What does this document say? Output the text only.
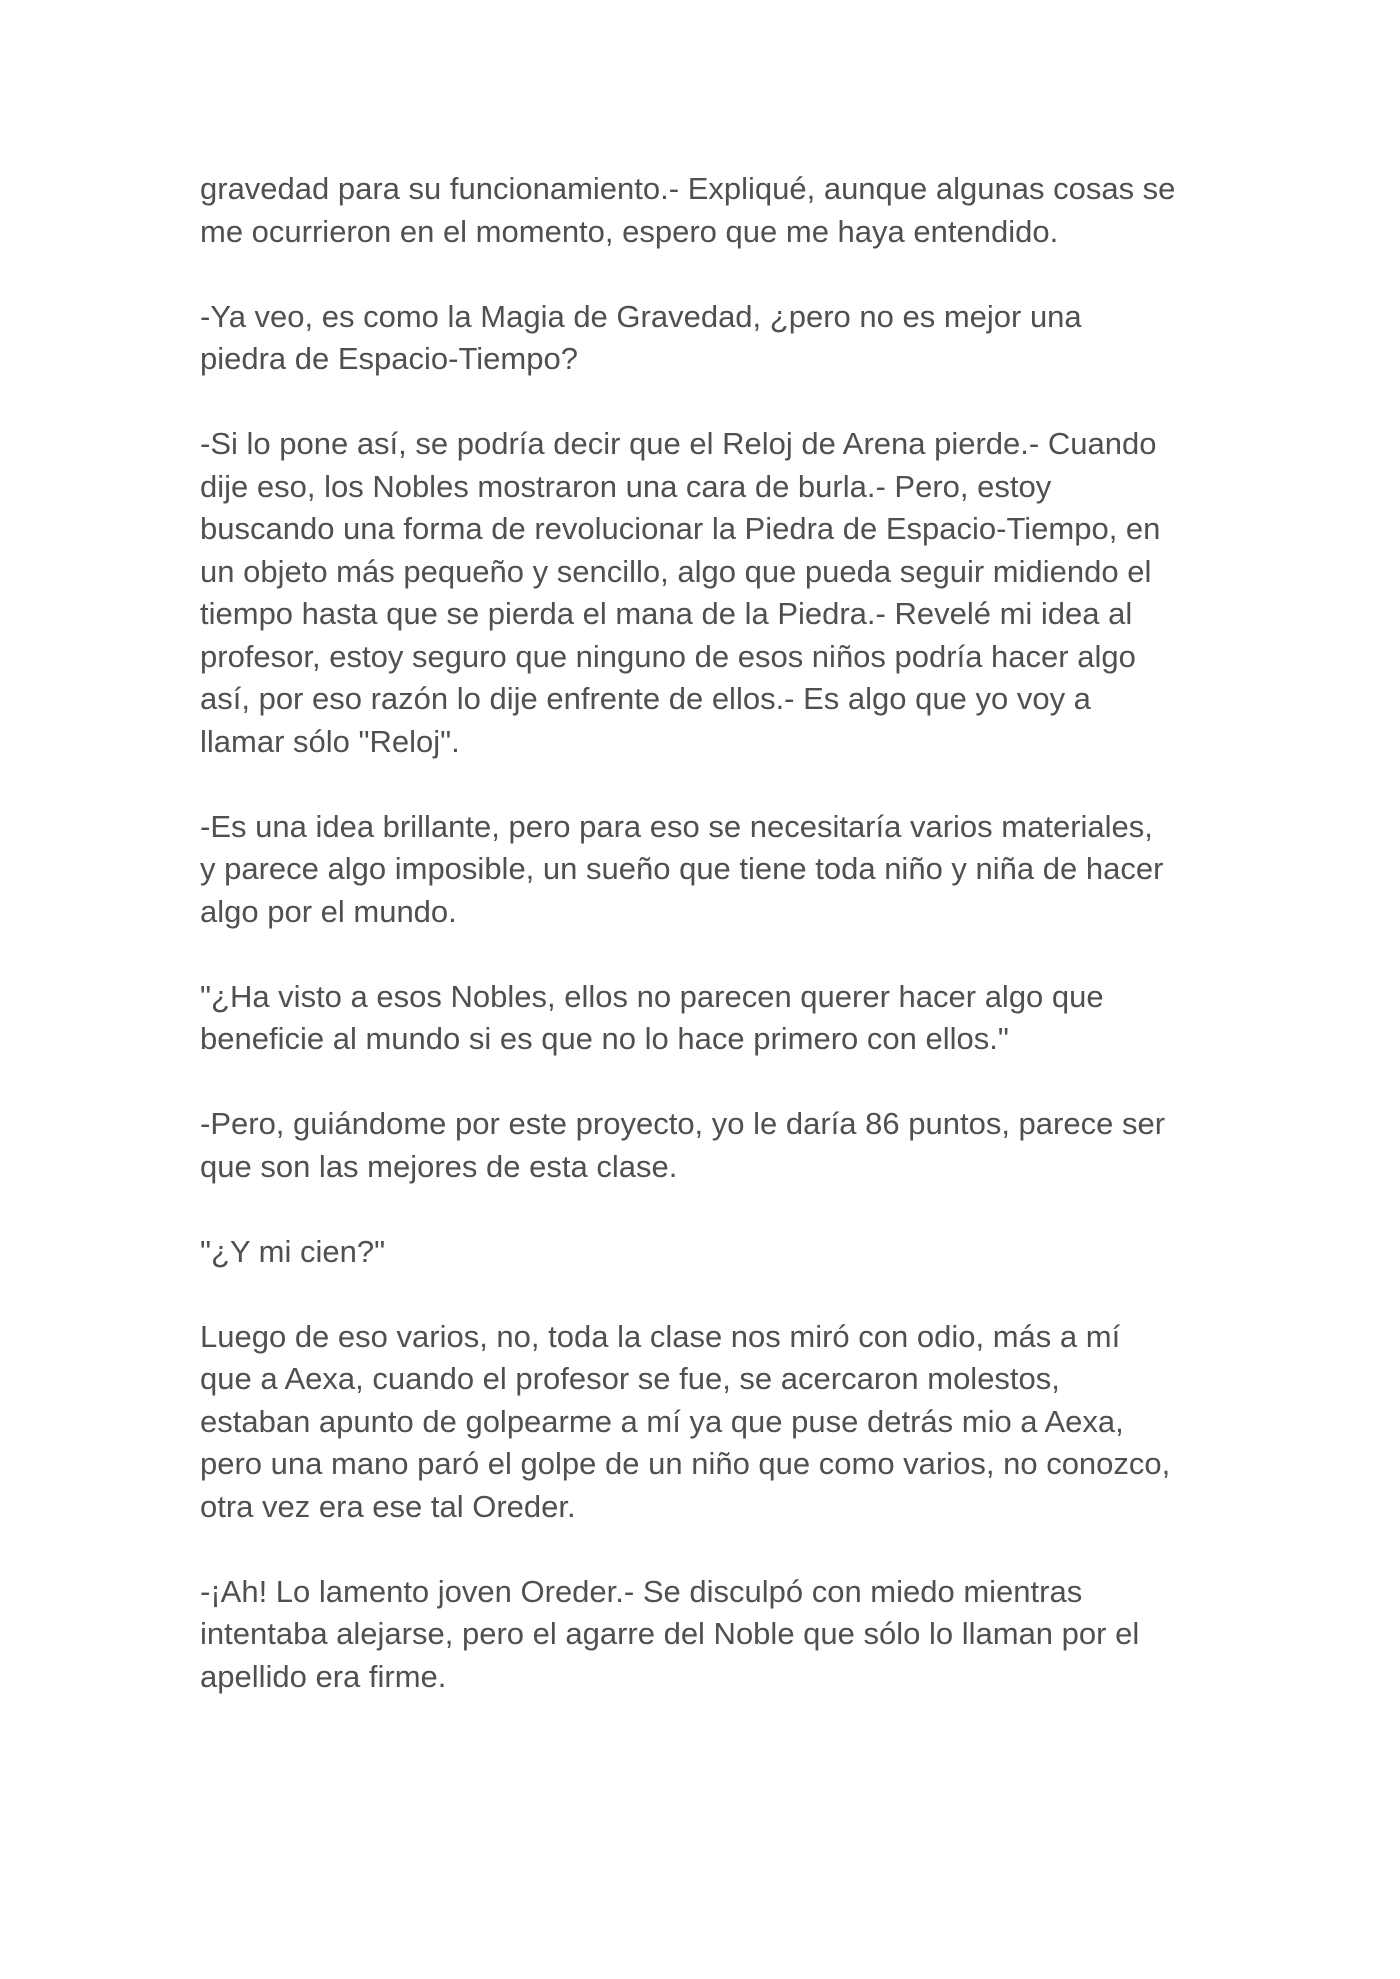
gravedad para su funcionamiento.- Expliqué, aunque algunas cosas se
me ocurrieron en el momento, espero que me haya entendido.

-Ya veo, es como la Magia de Gravedad, ¿pero no es mejor una
piedra de Espacio-Tiempo?

-Si lo pone así, se podría decir que el Reloj de Arena pierde.- Cuando
dije eso, los Nobles mostraron una cara de burla.- Pero, estoy
buscando una forma de revolucionar la Piedra de Espacio-Tiempo, en
un objeto más pequeño y sencillo, algo que pueda seguir midiendo el
tiempo hasta que se pierda el mana de la Piedra.- Revelé mi idea al
profesor, estoy seguro que ninguno de esos niños podría hacer algo
así, por eso razón lo dije enfrente de ellos.- Es algo que yo voy a
llamar sólo "Reloj".

-Es una idea brillante, pero para eso se necesitaría varios materiales,
y parece algo imposible, un sueño que tiene toda niño y niña de hacer
algo por el mundo.

"¿Ha visto a esos Nobles, ellos no parecen querer hacer algo que
beneficie al mundo si es que no lo hace primero con ellos."

-Pero, guiándome por este proyecto, yo le daría 86 puntos, parece ser
que son las mejores de esta clase.

"¿Y mi cien?"

Luego de eso varios, no, toda la clase nos miró con odio, más a mí
que a Aexa, cuando el profesor se fue, se acercaron molestos,
estaban apunto de golpearme a mí ya que puse detrás mio a Aexa,
pero una mano paró el golpe de un niño que como varios, no conozco,
otra vez era ese tal Oreder.

-¡Ah! Lo lamento joven Oreder.- Se disculpó con miedo mientras
intentaba alejarse, pero el agarre del Noble que sólo lo llaman por el
apellido era firme.
